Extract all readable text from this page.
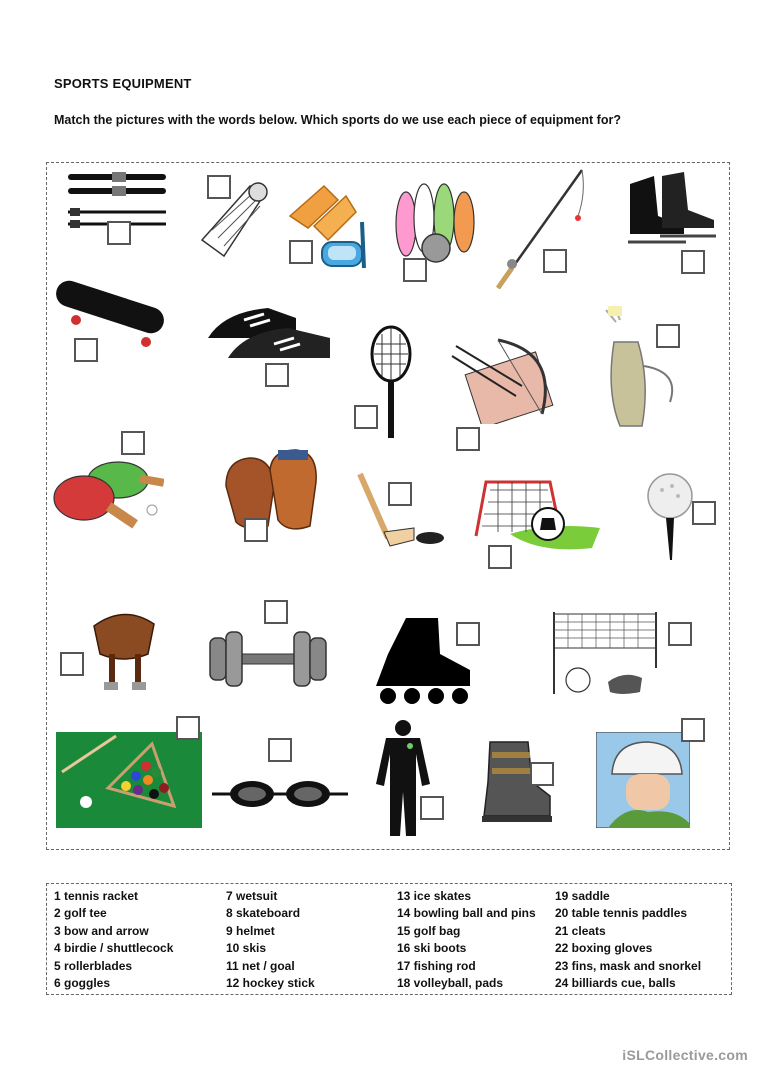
SPORTS EQUIPMENT
Match the pictures with the words below. Which sports do we use each piece of equipment for?
1 tennis racket
2 golf tee
3 bow and arrow
4 birdie / shuttlecock
5 rollerblades
6 goggles
7 wetsuit
8 skateboard
9 helmet
10 skis
11 net / goal
12 hockey stick
13 ice skates
14 bowling ball and pins
15 golf bag
16 ski boots
17 fishing rod
18 volleyball, pads
19 saddle
20 table tennis paddles
21 cleats
22 boxing gloves
23 fins, mask and snorkel
24 billiards cue, balls
iSLCollective.com
